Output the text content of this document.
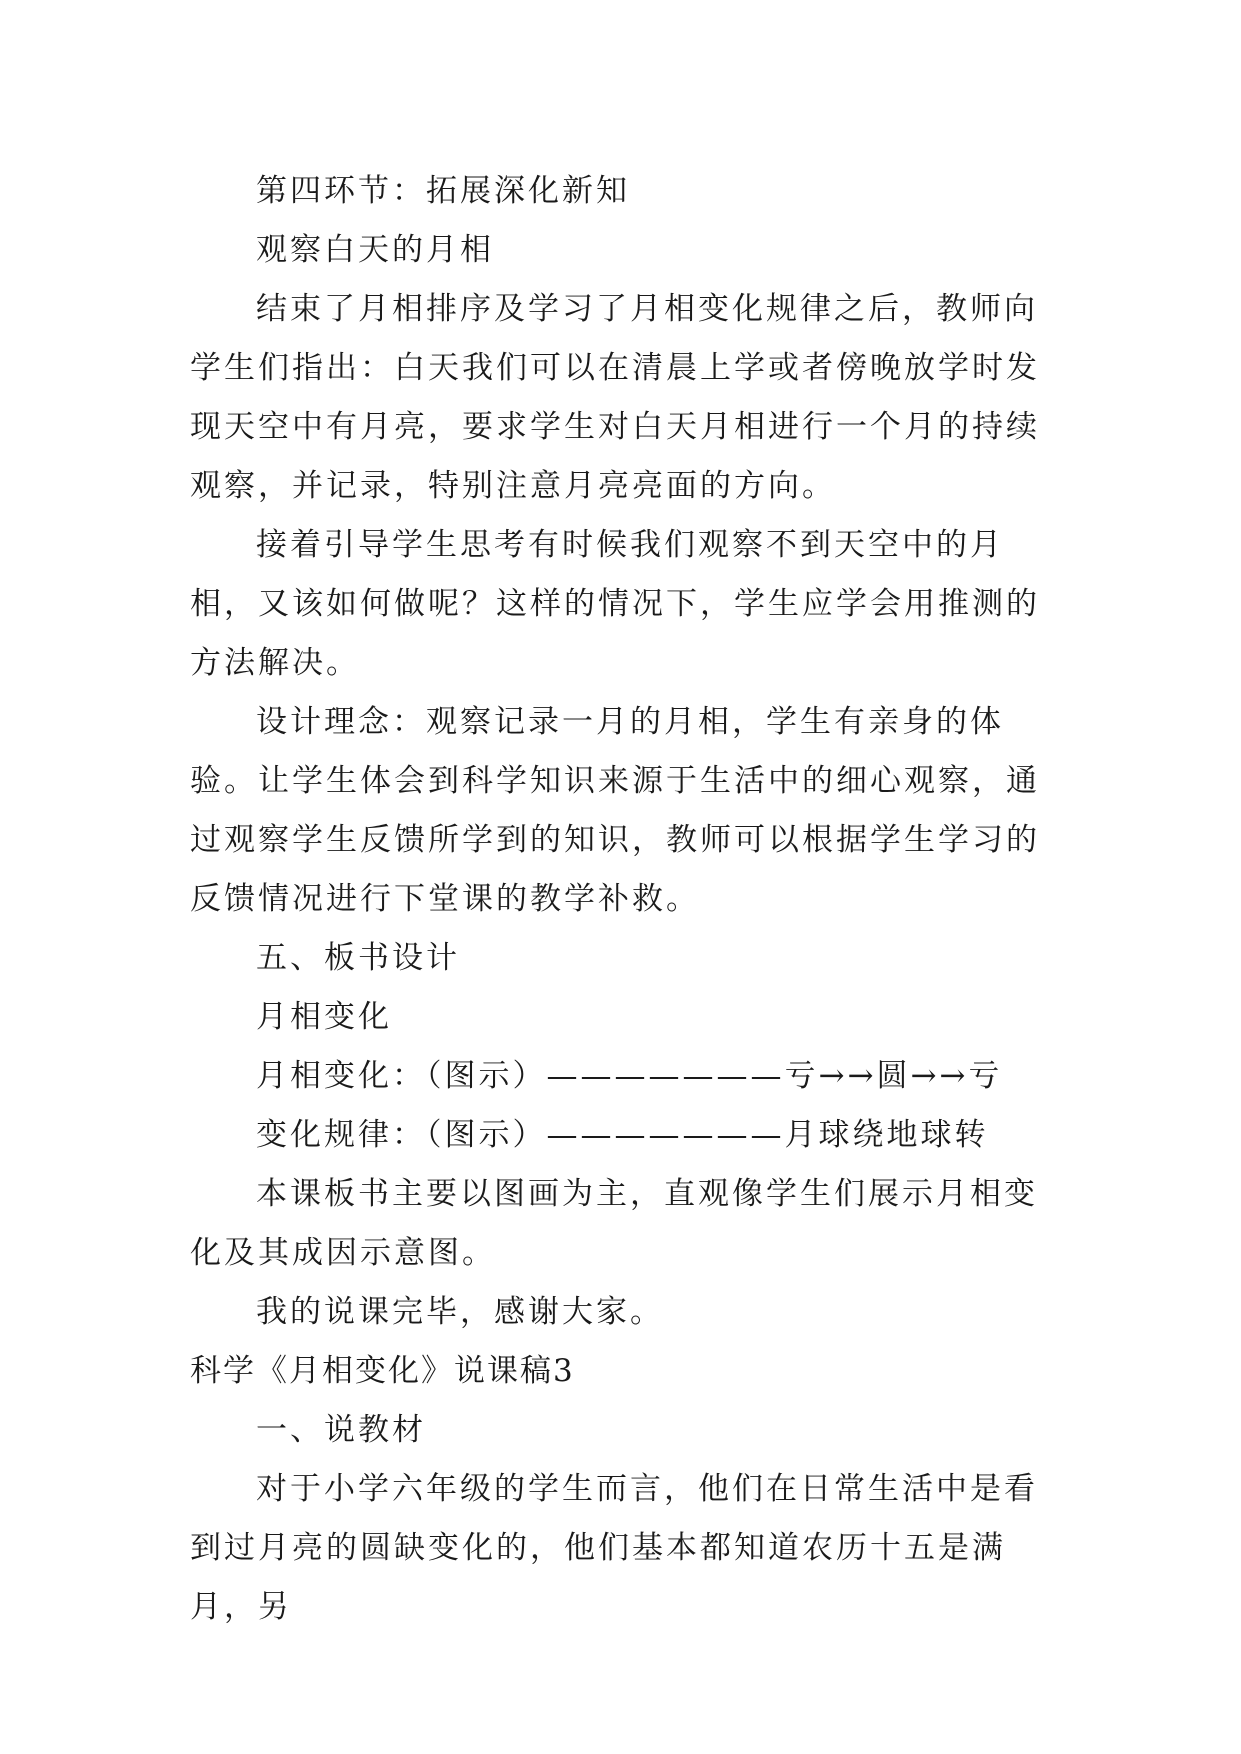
第四环节：拓展深化新知

观察白天的月相

结束了月相排序及学习了月相变化规律之后，教师向学生们指出：白天我们可以在清晨上学或者傍晚放学时发现天空中有月亮，要求学生对白天月相进行一个月的持续观察，并记录，特别注意月亮亮面的方向。

接着引导学生思考有时候我们观察不到天空中的月相，又该如何做呢？这样的情况下，学生应学会用推测的方法解决。

设计理念：观察记录一月的月相，学生有亲身的体验。让学生体会到科学知识来源于生活中的细心观察，通过观察学生反馈所学到的知识，教师可以根据学生学习的反馈情况进行下堂课的教学补救。

五、板书设计

月相变化

月相变化：（图示）———————亏→→圆→→亏

变化规律：（图示）———————月球绕地球转

本课板书主要以图画为主，直观像学生们展示月相变化及其成因示意图。

我的说课完毕，感谢大家。

科学《月相变化》说课稿3

一、说教材

对于小学六年级的学生而言，他们在日常生活中是看到过月亮的圆缺变化的，他们基本都知道农历十五是满月，另
